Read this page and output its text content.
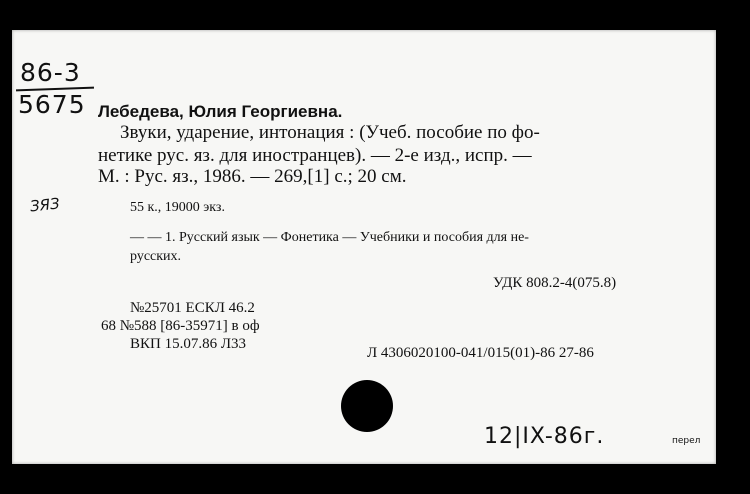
86-3
5675
ЗЯЗ
Лебедева, Юлия Георгиевна.
Звуки, ударение, интонация : (Учеб. пособие по фо-
нетике рус. яз. для иностранцев). — 2-е изд., испр. —
М. : Рус. яз., 1986. — 269,[1] с.; 20 см.
55 к., 19000 экз.
— — 1. Русский язык — Фонетика — Учебники и пособия для не-
русских.
УДК 808.2-4(075.8)
№25701 ЕСКЛ 46.2
68 №588 [86-35971] в оф
ВКП 15.07.86 Л33
Л 4306020100-041/015(01)-86 27-86
12|IX-86г.	перел
